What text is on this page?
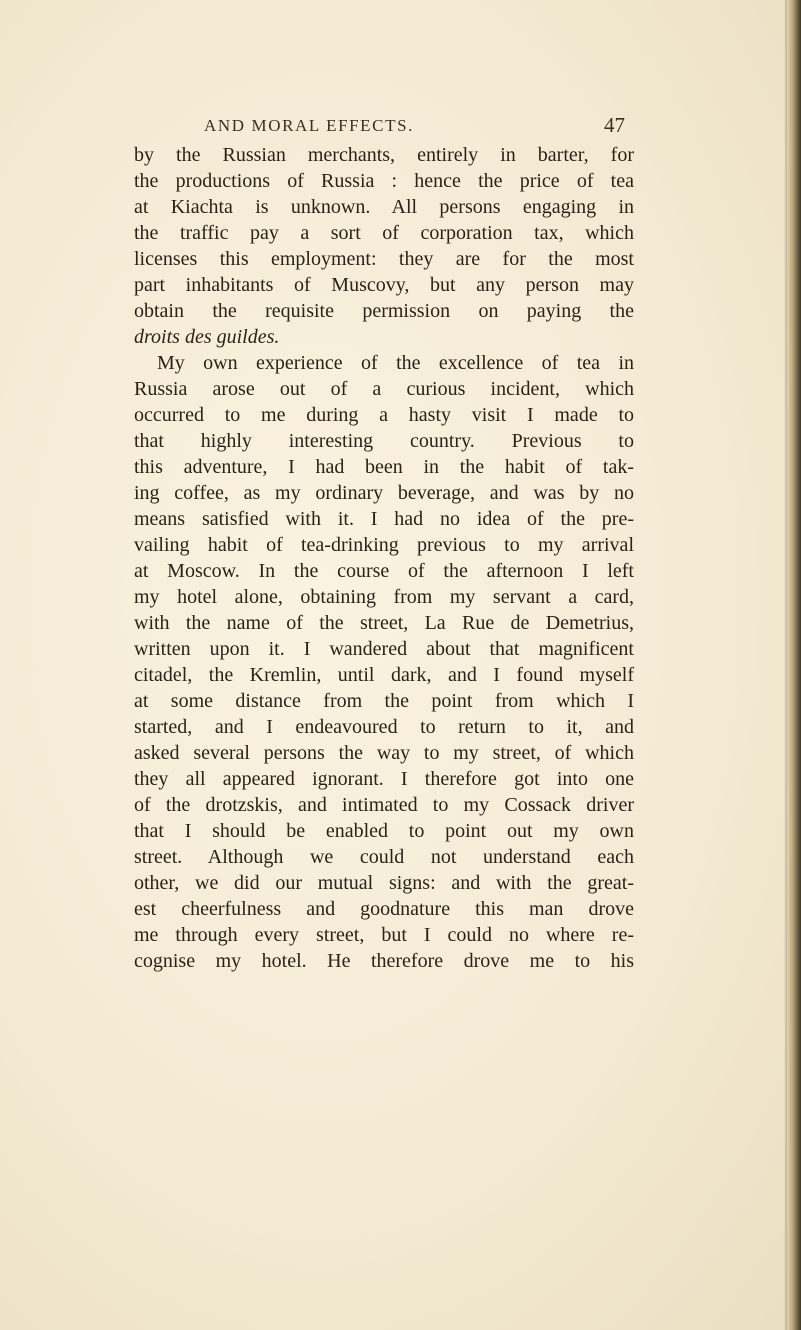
AND MORAL EFFECTS.	47
by the Russian merchants, entirely in barter, for
the productions of Russia : hence the price of tea
at Kiachta is unknown. All persons engaging in
the traffic pay a sort of corporation tax, which
licenses this employment: they are for the most
part inhabitants of Muscovy, but any person may
obtain the requisite permission on paying the
droits des guildes.
My own experience of the excellence of tea in
Russia arose out of a curious incident, which
occurred to me during a hasty visit I made to
that highly interesting country. Previous to
this adventure, I had been in the habit of tak-
ing coffee, as my ordinary beverage, and was by no
means satisfied with it. I had no idea of the pre-
vailing habit of tea-drinking previous to my arrival
at Moscow. In the course of the afternoon I left
my hotel alone, obtaining from my servant a card,
with the name of the street, La Rue de Demetrius,
written upon it. I wandered about that magnificent
citadel, the Kremlin, until dark, and I found myself
at some distance from the point from which I
started, and I endeavoured to return to it, and
asked several persons the way to my street, of which
they all appeared ignorant. I therefore got into one
of the drotzskis, and intimated to my Cossack driver
that I should be enabled to point out my own
street. Although we could not understand each
other, we did our mutual signs: and with the great-
est cheerfulness and goodnature this man drove
me through every street, but I could no where re-
cognise my hotel. He therefore drove me to his
